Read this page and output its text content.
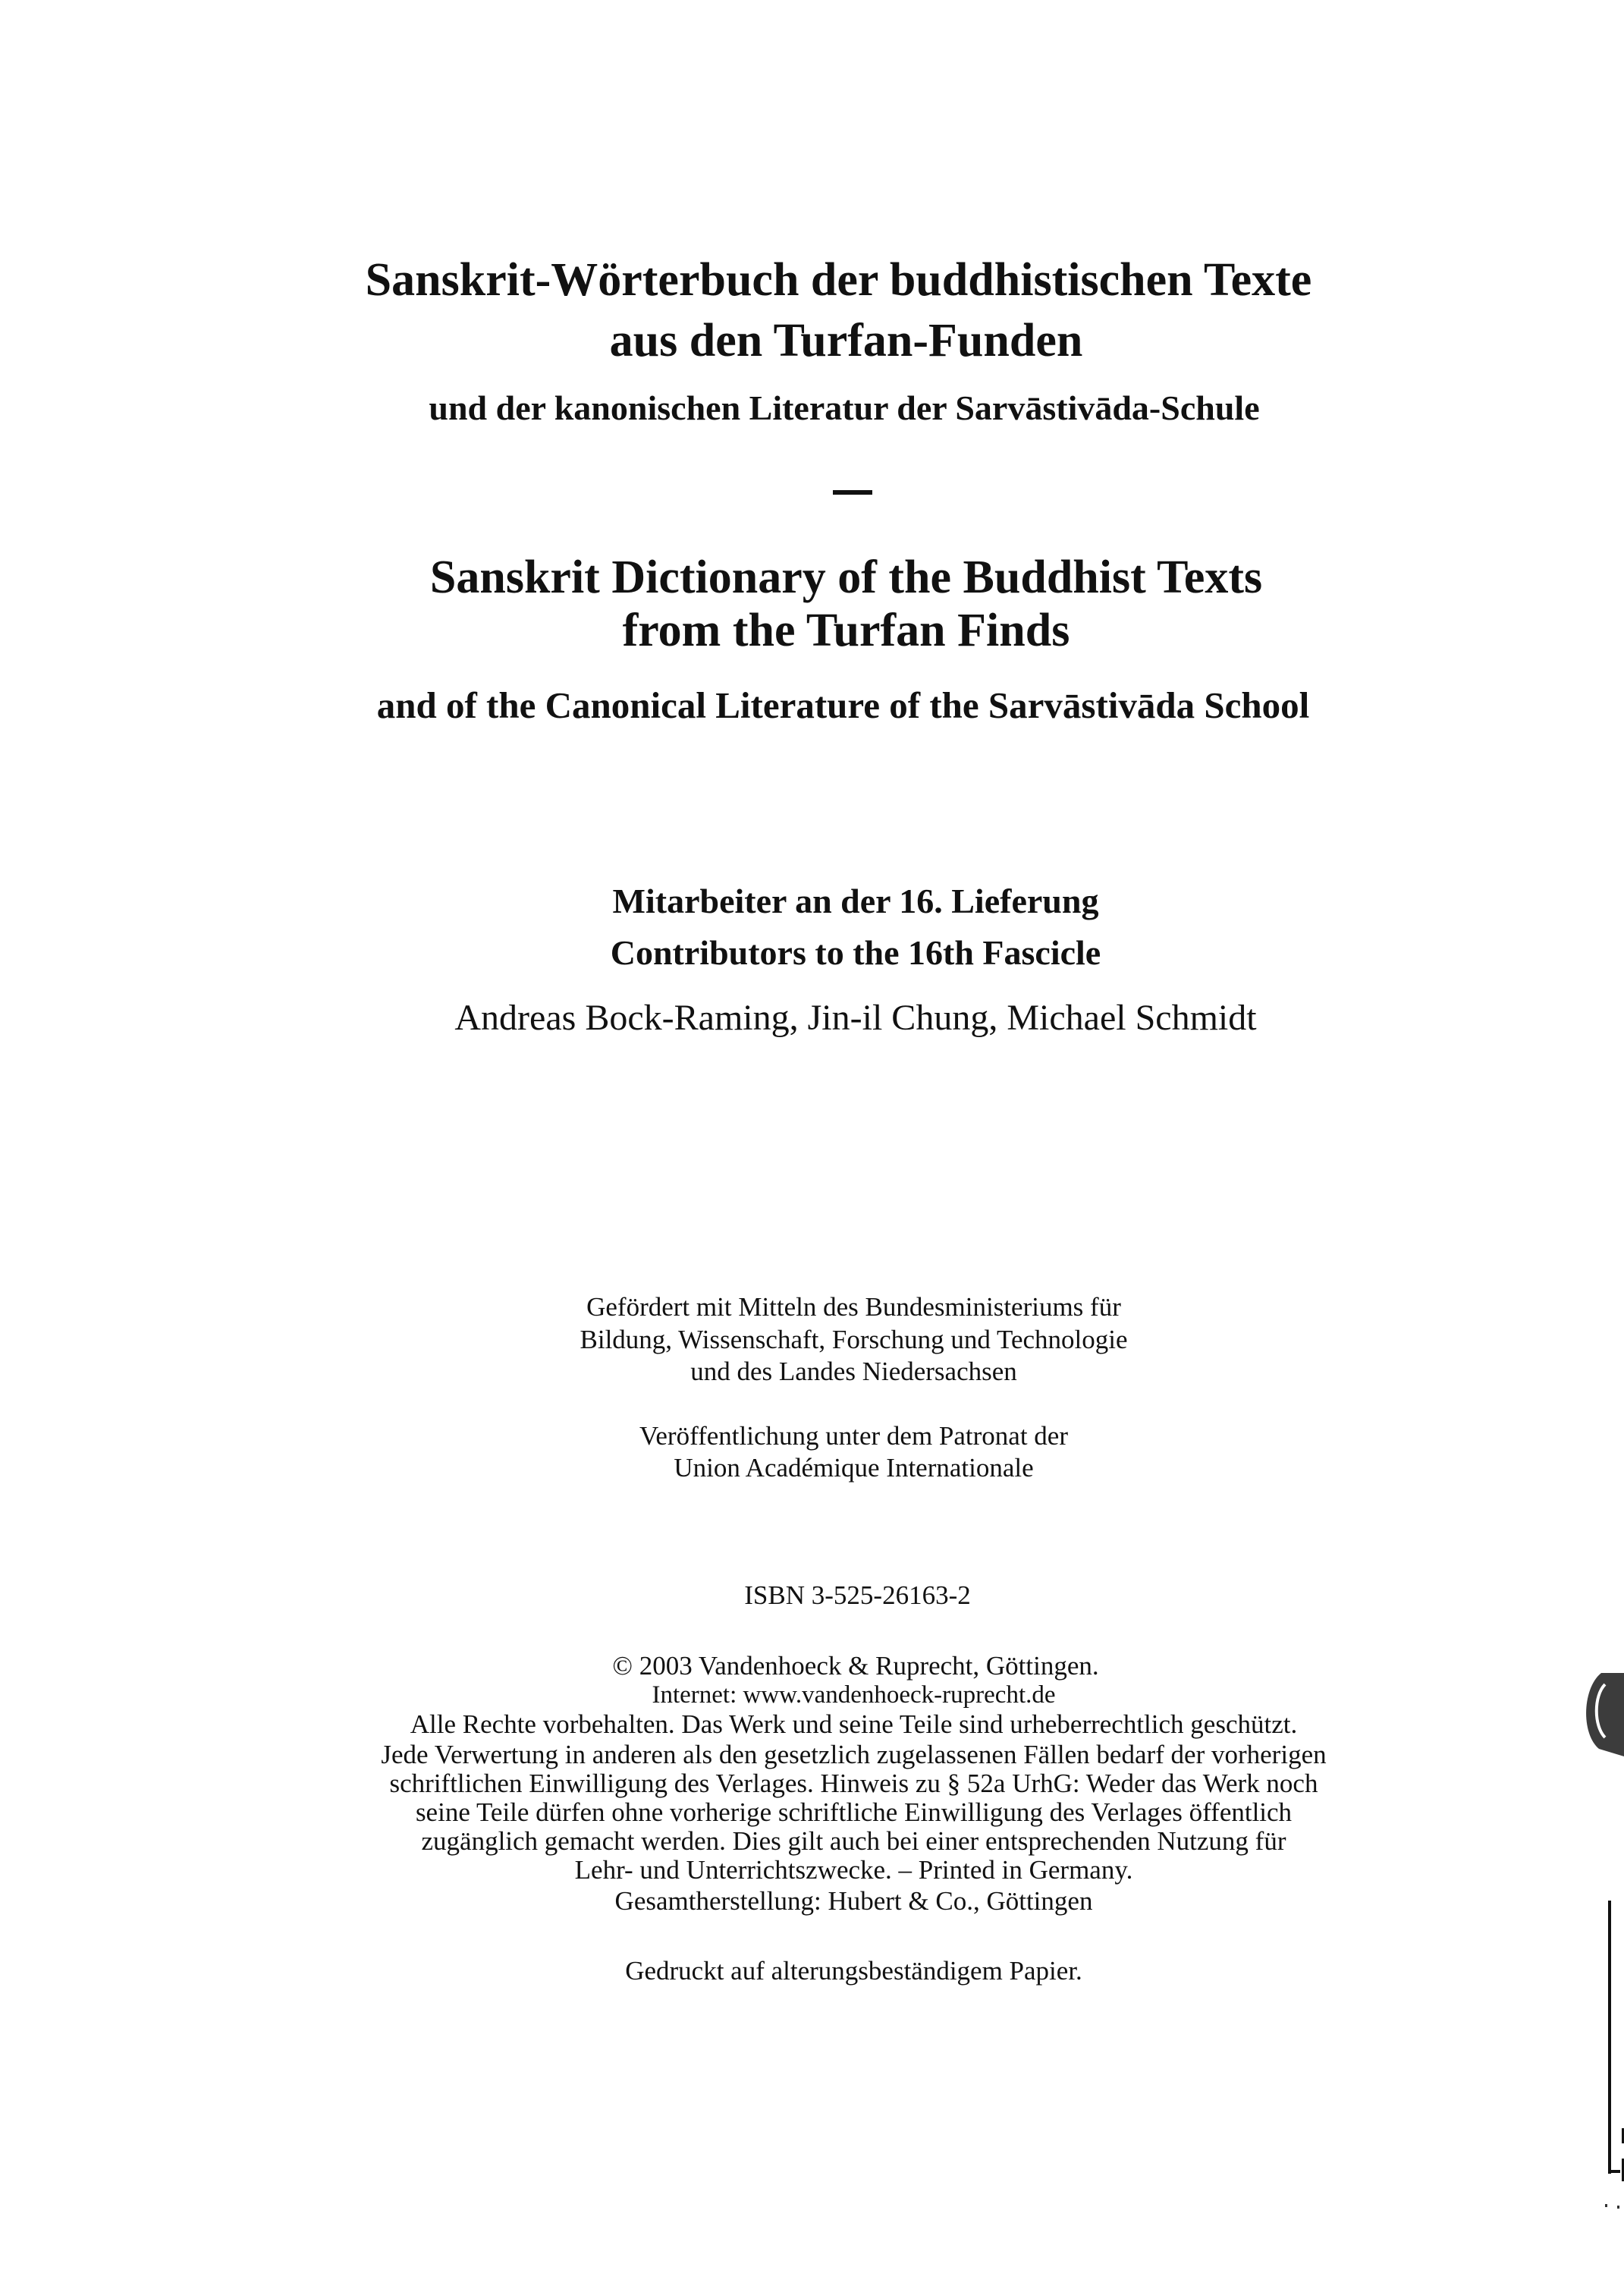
Sanskrit-Wörterbuch der buddhistischen Texte
aus den Turfan-Funden
und der kanonischen Literatur der Sarvāstivāda-Schule
Sanskrit Dictionary of the Buddhist Texts
from the Turfan Finds
and of the Canonical Literature of the Sarvāstivāda School
Mitarbeiter an der 16. Lieferung
Contributors to the 16th Fascicle
Andreas Bock-Raming, Jin-il Chung, Michael Schmidt
Gefördert mit Mitteln des Bundesministeriums für
Bildung, Wissenschaft, Forschung und Technologie
und des Landes Niedersachsen
Veröffentlichung unter dem Patronat der
Union Académique Internationale
ISBN 3-525-26163-2
© 2003 Vandenhoeck & Ruprecht, Göttingen.
Internet: www.vandenhoeck-ruprecht.de
Alle Rechte vorbehalten. Das Werk und seine Teile sind urheberrechtlich geschützt.
Jede Verwertung in anderen als den gesetzlich zugelassenen Fällen bedarf der vorherigen
schriftlichen Einwilligung des Verlages. Hinweis zu § 52a UrhG: Weder das Werk noch
seine Teile dürfen ohne vorherige schriftliche Einwilligung des Verlages öffentlich
zugänglich gemacht werden. Dies gilt auch bei einer entsprechenden Nutzung für
Lehr- und Unterrichtszwecke. – Printed in Germany.
Gesamtherstellung: Hubert & Co., Göttingen
Gedruckt auf alterungsbeständigem Papier.
